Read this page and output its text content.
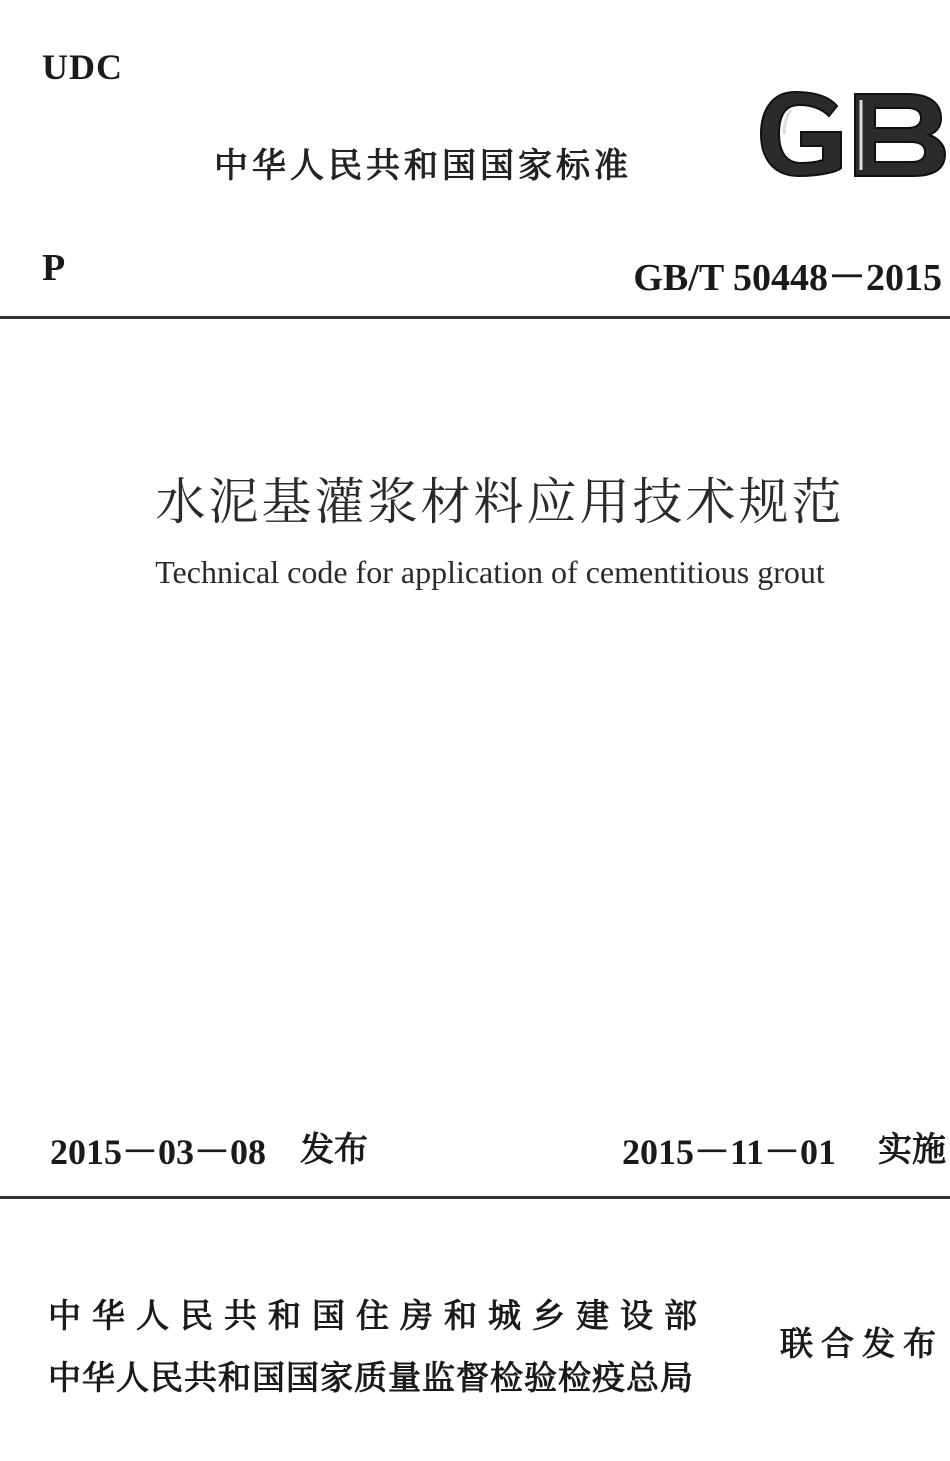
UDC
中华人民共和国国家标准
P	GB/T 50448－2015
水泥基灌浆材料应用技术规范
Technical code for application of cementitious grout
2015－03－08 发布	2015－11－01 实施
中华人民共和国住房和城乡建设部
中华人民共和国国家质量监督检验检疫总局
联合发布
